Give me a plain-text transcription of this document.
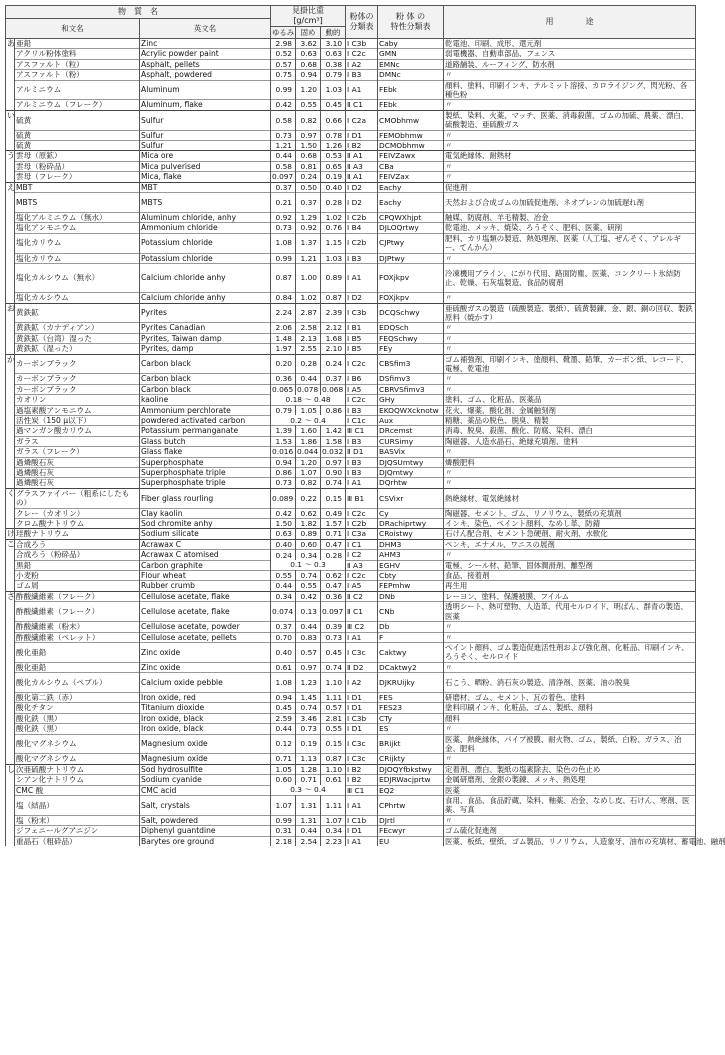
物　質　名			見掛比重
[g/cm³]			粉体の
分類表	粉 体 の
特性分類表	用　　　　途
和文名		英文名						
			ゆるみ	固め	動的			
あ	亜鉛	Zinc	2.98	3.62	3.10	Ⅰ C3b	Caby	乾電池、印刷、成形、還元剤
	アクリル粉体塗料	Acrylic powder paint	0.52	0.63	0.63	Ⅰ C2c	GMN	弱電機器、自動車部品、フェンス
	アスファルト（粒）	Asphalt, pellets	0.57	0.68	0.38	Ⅰ A2	EMNc	道路舗装、ルーフィング、防水剤
	アスファルト（粉）	Asphalt, powdered	0.75	0.94	0.79	Ⅰ B3	DMNc	〃
	アルミニウム	Aluminum	0.99	1.20	1.03	Ⅰ A1	FEbk	顔料、塗料、印刷インキ、テルミット溶接、カロライジング、閃光粉、各種色粉
	アルミニウム（フレーク）	Aluminum, flake	0.42	0.55	0.45	Ⅱ C1	FEbk	〃
い	硫黄	Sulfur	0.58	0.82	0.66	Ⅰ C2a	CMObhmw	製紙、染料、火薬、マッチ、医薬、消毒殺菌、ゴムの加硫、農薬、漂白、硫酸製造、亜硫酸ガス
	硫黄	Sulfur	0.73	0.97	0.78	Ⅰ D1	FEMObhmw	〃
	硫黄	Sulfur	1.21	1.50	1.26	Ⅰ B2	DCMObhmw	〃
う	雲母（原鉱）	Mica ore	0.44	0.68	0.53	Ⅱ A1	FEIVZawx	電気絶縁体、耐熱材
	雲母（粉砕品）	Mica pulverised	0.58	0.81	0.65	Ⅱ A3	CBa	〃
	雲母（フレーク）	Mica, flake	0.097	0.24	0.19	Ⅱ A1	FEIVZax	〃
え	MBT	MBT	0.37	0.50	0.40	Ⅰ D2	Eachy	促進剤
	MBTS	MBTS	0.21	0.37	0.28	Ⅰ D2	Eachy	天然および合成ゴムの加硫促進剤、ネオプレンの加硫遅れ剤
	塩化アルミニウム（無水）	Aluminum chloride, anhy	0.92	1.29	1.02	Ⅰ C2b	CPQWXhjpt	触媒、防腐剤、羊毛精製、冶金
	塩化アンモニウム	Ammonium chloride	0.73	0.92	0.76	Ⅰ B4	DJLOQrtwy	乾電池、メッキ、焼染、ろうそく、肥料、医薬、研削
	塩化カリウム	Potassium chloride	1.08	1.37	1.15	Ⅰ C2b	CJPtwy	肥料、カリ塩類の製造、熱処理剤、医薬（人工塩、ぜんそく、アレルギー、てんかん）
	塩化カリウム	Potassium chloride	0.99	1.21	1.03	Ⅰ B3	DJPtwy	〃
	塩化カルシウム（無水）	Calcium chloride anhy	0.87	1.00	0.89	Ⅰ A1	FOXjkpv	冷凍機用ブライン、にがり代用、路面防塵、医薬、コンクリート氷結防止、乾燥、石灰塩製造、食品防腐剤
	塩化カルシウム	Calcium chloride anhy	0.84	1.02	0.87	Ⅰ D2	FOXjkpv	〃
お	黄鉄鉱	Pyrites	2.24	2.87	2.39	Ⅰ C3b	DCQSchwy	亜硫酸ガスの製造（硫酸製造、製紙）、硫黄製錬、金、銀、銅の回収、製鉄原料（焼かす）
	黄鉄鉱（カナディアン）	Pyrites Canadian	2.06	2.58	2.12	Ⅰ B1	EDQSch	〃
	黄鉄鉱（台湾）湿った	Pyrites, Taiwan damp	1.48	2.13	1.68	Ⅰ B5	FEQSchwy	〃
	黄鉄鉱（湿った）	Pyrites, damp	1.97	2.55	2.10	Ⅰ B5	FEy	〃
か	カーボンブラック	Carbon black	0.20	0.28	0.24	Ⅰ C2c	CBSfim3	ゴム補強剤、印刷インキ、塗顔料、靴墨、鉛筆、カーボン紙、レコード、電極、乾電池
	カーボンブラック	Carbon black	0.36	0.44	0.37	Ⅰ B6	DSfimv3	〃
	カーボンブラック	Carbon black	0.065	0.078	0.068	Ⅰ A5	CBRVSfimv3	〃
	カオリン	kaoline	0.18 ～ 0.48			Ⅰ C2c	GHy	塗料、ゴム、化粧品、医薬品
	過塩素酸アンモニウム	Ammonium perchlorate	0.79	1.05	0.86	Ⅰ B3	EKOQWXcknotw	花火、爆薬、酸化剤、金属触刻剤
	活性炭（150 μ以下）	powdered activated carbon	0.2 ～ 0.4			Ⅰ C1c	Aux	精糖、薬品の脱色、脱臭、精製
	過マンガン酸カリウム	Potassium permanganate	1.39	1.60	1.42	Ⅲ C1	DRcemst	消毒、脱臭、殺菌、酸化、防腐、染料、漂白
	ガラス	Glass butch	1.53	1.86	1.58	Ⅰ B3	CURSimy	陶磁器、人造水晶石、絶縁充填剤、塗料
	ガラス（フレーク）	Glass flake	0.016	0.044	0.032	Ⅱ D1	BASVix	〃
	過燐酸石灰	Superphosphate	0.94	1.20	0.97	Ⅰ B3	DJQSUmtwy	燐酸肥料
	過燐酸石灰	Superphosphate triple	0.86	1.07	0.90	Ⅰ B3	DJQmtwy	〃
	過燐酸石灰	Superphosphate triple	0.73	0.82	0.74	Ⅰ A1	DQrhtw	〃
く	グラスファイバー（粗系にしたもの）	Fiber glass rourling	0.089	0.22	0.15	Ⅲ B1	CSVixr	熱絶縁材、電気絶縁材
	クレー（カオリン）	Clay kaolin	0.42	0.62	0.49	Ⅰ C2c	Cy	陶磁器、セメント、ゴム、リノリウム、製紙の充填剤
	クロム酸ナトリウム	Sod chromite anhy	1.50	1.82	1.57	Ⅰ C2b	DRachiprtwy	インキ、染色、ペイント顔料、なめし革、防錆
け	珪酸ナトリウム	Sodium silicate	0.63	0.89	0.71	Ⅰ C3a	CRoistwy	石けん配合剤、セメント急硬剤、耐火剤、水軟化
こ	合成ろう	Acrawax C	0.40	0.60	0.47	Ⅰ C1	DHM3	ペンキ、エナメル、ワニスの展剤
	合成ろう（粉砕品）	Acrawax C atomised	0.24	0.34	0.28	Ⅰ C2	AHM3	〃
	黒鉛	Carbon graphite	0.1 ～ 0.3			Ⅱ A3	EGHV	電極、シール材、鉛筆、固体潤滑剤、離型剤
	小麦粉	Flour wheat	0.55	0.74	0.62	Ⅰ C2c	Cbty	食品、接着剤
	ゴム屑	Rubber crumb	0.44	0.55	0.47	Ⅰ A5	FEPmhw	再生用
さ	酢酸繊維素（フレーク）	Cellulose acetate, flake	0.34	0.42	0.36	Ⅱ C2	DNb	レーヨン、塗料、保護被膜、フイルム
	酢酸繊維素（フレーク）	Cellulose acetate, flake	0.074	0.13	0.097	Ⅱ C1	CNb	透明シート、熱可塑物、人造革、代用セルロイド、明ばん、群青の製造、医薬
	酢酸繊維素（粉末）	Cellulose acetate, powder	0.37	0.44	0.39	Ⅲ C2	Db	〃
	酢酸繊維素（ペレット）	Cellulose acetate, pellets	0.70	0.83	0.73	Ⅰ A1	F	〃
	酸化亜鉛	Zinc oxide	0.40	0.57	0.45	Ⅰ C3c	Caktwy	ペイント顔料、ゴム製造促進活性剤および強化剤、化粧品、印刷インキ、ろうそく、セルロイド
	酸化亜鉛	Zinc oxide	0.61	0.97	0.74	Ⅱ D2	DCaktwy2	〃
	酸化カルシウム（ペブル）	Calcium oxide pebble	1.08	1.23	1.10	Ⅰ A2	DJKRUijky	石こう、晒粉、消石灰の製造、清浄剤、医薬、油の脱臭
	酸化第二鉄（赤）	Iron oxide, red	0.94	1.45	1.11	Ⅰ D1	FES	研磨材、ゴム、セメント、瓦の着色、塗料
	酸化チタン	Titanium dioxide	0.45	0.74	0.57	Ⅰ D1	FES23	塗料印刷インキ、化粧品、ゴム、製紙、顔料
	酸化鉄（黒）	Iron oxide, black	2.59	3.46	2.81	Ⅰ C3b	CTy	顔料
	酸化鉄（黒）	Iron oxide, black	0.44	0.73	0.55	Ⅰ D1	ES	〃
	酸化マグネシウム	Magnesium oxide	0.12	0.19	0.15	Ⅰ C3c	BRijkt	医薬、熱絶縁体、パイプ被膜、耐火物、ゴム、製紙、白粉、ガラス、冶金、肥料
	酸化マグネシウム	Magnesium oxide	0.71	1.13	0.87	Ⅰ C3c	CRijkty	〃
し	次亜硫酸ナトリウム	Sod hydrosulfite	1.05	1.28	1.10	Ⅰ B2	DJOQYfbkstwy	定着剤、漂白、製紙の塩素除去、染色の色止め
	シアン化ナトリウム	Sodium cyanide	0.60	0.71	0.61	Ⅰ B2	EDJRWacjprtw	金属研磨剤、金銀の製錬、メッキ、熱処理
	CMC 酸	CMC acid	0.3 ～ 0.4			Ⅲ C1	EQ2	医薬
	塩（結晶）	Salt, crystals	1.07	1.31	1.11	Ⅰ A1	CPhrtw	食用、食品、食品貯蔵、染料、釉薬、冶金、なめし皮、石けん、寒剤、医薬、写真
	塩（粉末）	Salt, powdered	0.99	1.31	1.07	Ⅰ C1b	DJrtl	〃
	ジフェニールグアニジン	Diphenyl guantdine	0.31	0.44	0.34	Ⅰ D1	FEcwyr	ゴム硫化促進剤
	重晶石（粗砕品）	Barytes ore ground	2.18	2.54	2.23	Ⅰ A1	EU	医薬、板紙、壁紙、ゴム製品、リノリウム、人造象牙、油布の充填材、蓄電池、融剤
